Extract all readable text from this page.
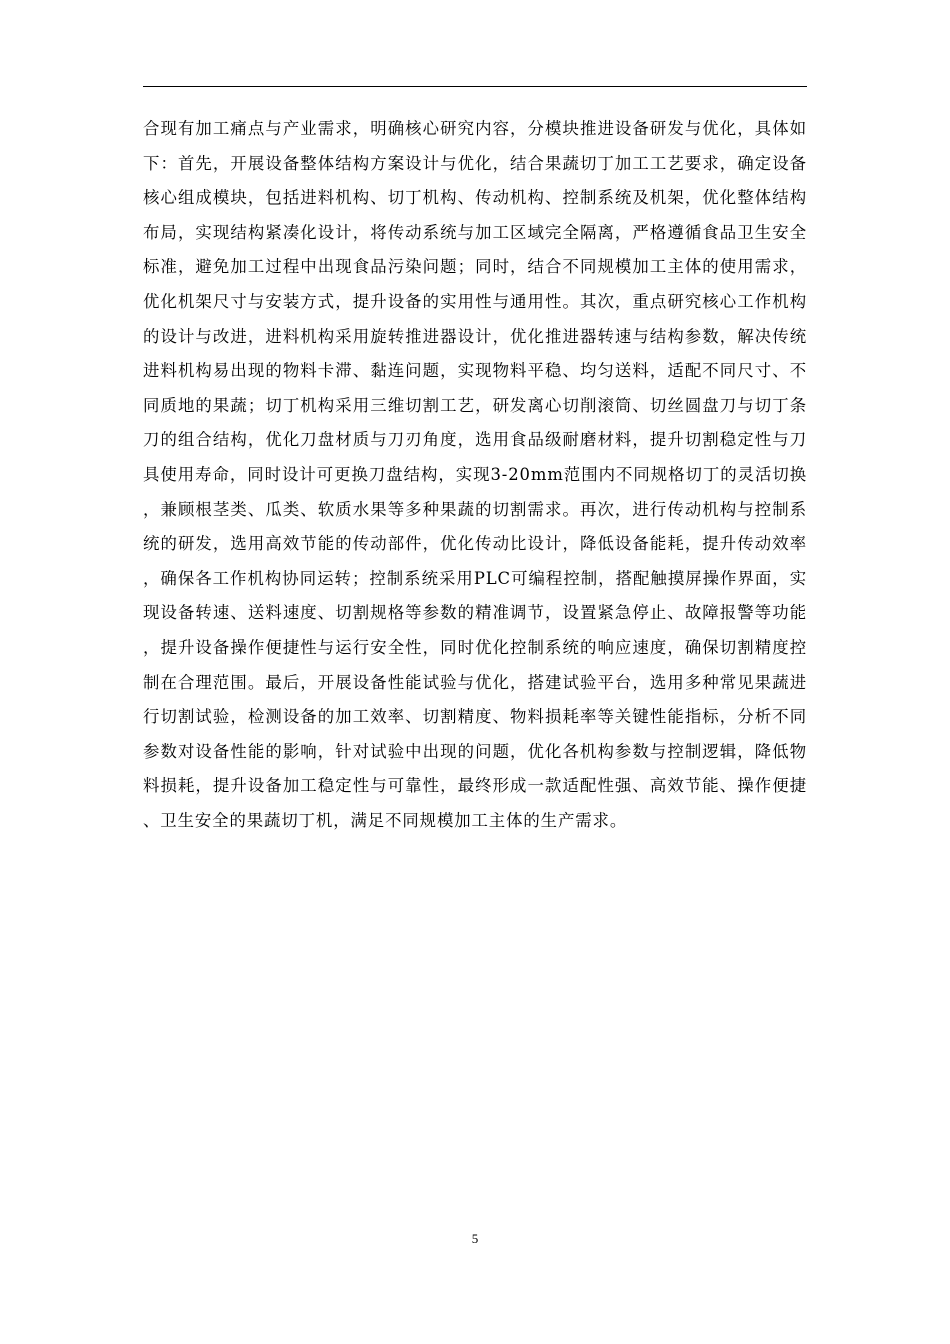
合现有加工痛点与产业需求，明确核心研究内容，分模块推进设备研发与优化，具体如下：首先，开展设备整体结构方案设计与优化，结合果蔬切丁加工工艺要求，确定设备核心组成模块，包括进料机构、切丁机构、传动机构、控制系统及机架，优化整体结构布局，实现结构紧凑化设计，将传动系统与加工区域完全隔离，严格遵循食品卫生安全标准，避免加工过程中出现食品污染问题；同时，结合不同规模加工主体的使用需求，优化机架尺寸与安装方式，提升设备的实用性与通用性。其次，重点研究核心工作机构的设计与改进，进料机构采用旋转推进器设计，优化推进器转速与结构参数，解决传统进料机构易出现的物料卡滞、黏连问题，实现物料平稳、均匀送料，适配不同尺寸、不同质地的果蔬；切丁机构采用三维切割工艺，研发离心切削滚筒、切丝圆盘刀与切丁条刀的组合结构，优化刀盘材质与刀刃角度，选用食品级耐磨材料，提升切割稳定性与刀具使用寿命，同时设计可更换刀盘结构，实现3-20mm范围内不同规格切丁的灵活切换，兼顾根茎类、瓜类、软质水果等多种果蔬的切割需求。再次，进行传动机构与控制系统的研发，选用高效节能的传动部件，优化传动比设计，降低设备能耗，提升传动效率，确保各工作机构协同运转；控制系统采用PLC可编程控制，搭配触摸屏操作界面，实现设备转速、送料速度、切割规格等参数的精准调节，设置紧急停止、故障报警等功能，提升设备操作便捷性与运行安全性，同时优化控制系统的响应速度，确保切割精度控制在合理范围。最后，开展设备性能试验与优化，搭建试验平台，选用多种常见果蔬进行切割试验，检测设备的加工效率、切割精度、物料损耗率等关键性能指标，分析不同参数对设备性能的影响，针对试验中出现的问题，优化各机构参数与控制逻辑，降低物料损耗，提升设备加工稳定性与可靠性，最终形成一款适配性强、高效节能、操作便捷、卫生安全的果蔬切丁机，满足不同规模加工主体的生产需求。

5
